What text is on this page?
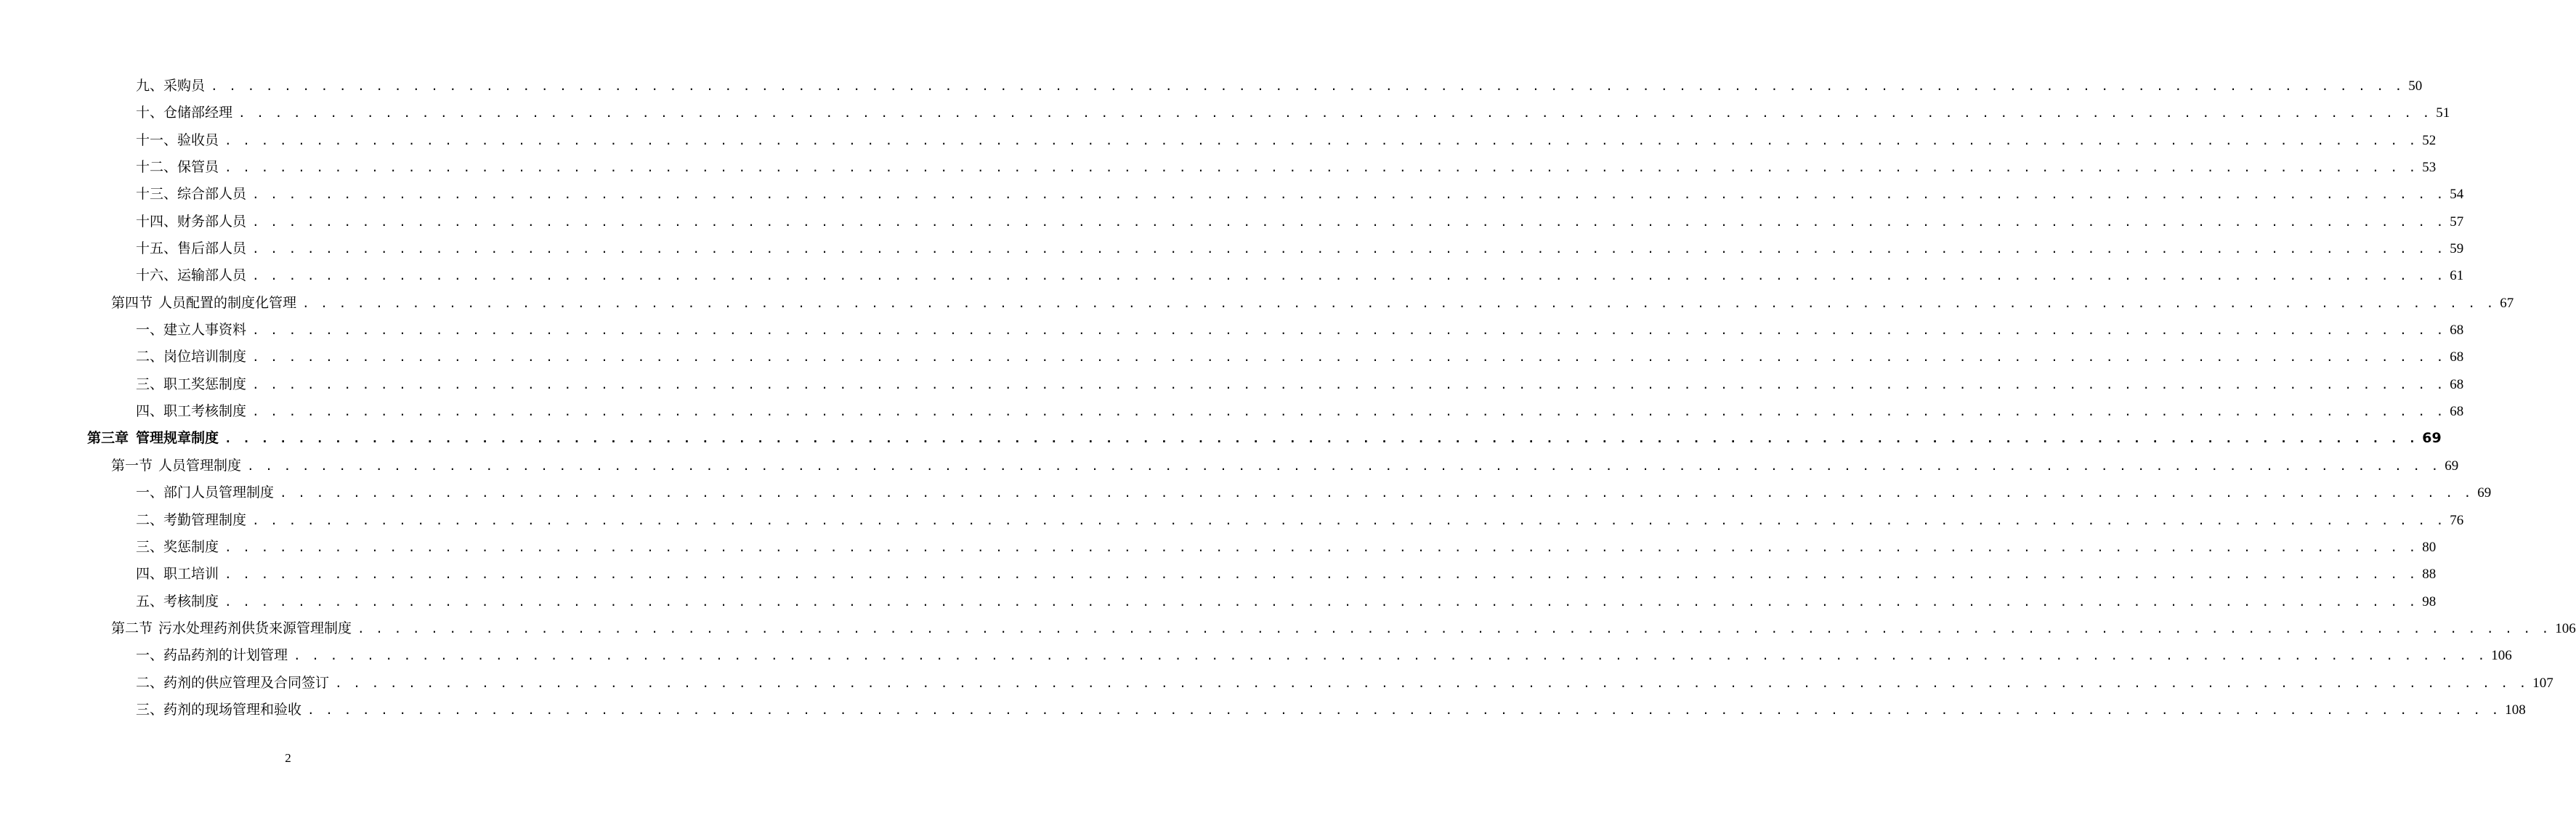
九、 采购员 . . . . . . . . . . . . . . . . . . . . . . . . . . . . . . . . . . . . . . . . . . . . . . . . . . . . . . . . . . . . . . . . . . . . . . . . . . . . . . . . . . . . . . . . . . . . . . . . . . . . . . . . . . . . . . . . . . . . . . . . 50
十、 仓储部经理 . . . . . . . . . . . . . . . . . . . . . . . . . . . . . . . . . . . . . . . . . . . . . . . . . . . . . . . . . . . . . . . . . . . . . . . . . . . . . . . . . . . . . . . . . . . . . . . . . . . . . . . . . . . . . . . . . . . . . . . . 51
十一、 验收员 . . . . . . . . . . . . . . . . . . . . . . . . . . . . . . . . . . . . . . . . . . . . . . . . . . . . . . . . . . . . . . . . . . . . . . . . . . . . . . . . . . . . . . . . . . . . . . . . . . . . . . . . . . . . . . . . . . . . . . . . 52
十二、 保管员 . . . . . . . . . . . . . . . . . . . . . . . . . . . . . . . . . . . . . . . . . . . . . . . . . . . . . . . . . . . . . . . . . . . . . . . . . . . . . . . . . . . . . . . . . . . . . . . . . . . . . . . . . . . . . . . . . . . . . . . . 53
十三、 综合部人员 . . . . . . . . . . . . . . . . . . . . . . . . . . . . . . . . . . . . . . . . . . . . . . . . . . . . . . . . . . . . . . . . . . . . . . . . . . . . . . . . . . . . . . . . . . . . . . . . . . . . . . . . . . . . . . . . . . . . . . . . 54
十四、 财务部人员 . . . . . . . . . . . . . . . . . . . . . . . . . . . . . . . . . . . . . . . . . . . . . . . . . . . . . . . . . . . . . . . . . . . . . . . . . . . . . . . . . . . . . . . . . . . . . . . . . . . . . . . . . . . . . . . . . . . . . . . . 57
十五、 售后部人员 . . . . . . . . . . . . . . . . . . . . . . . . . . . . . . . . . . . . . . . . . . . . . . . . . . . . . . . . . . . . . . . . . . . . . . . . . . . . . . . . . . . . . . . . . . . . . . . . . . . . . . . . . . . . . . . . . . . . . . . . 59
十六、 运输部人员 . . . . . . . . . . . . . . . . . . . . . . . . . . . . . . . . . . . . . . . . . . . . . . . . . . . . . . . . . . . . . . . . . . . . . . . . . . . . . . . . . . . . . . . . . . . . . . . . . . . . . . . . . . . . . . . . . . . . . . . . 61
第四节 人员配置的制度化管理 . . . . . . . . . . . . . . . . . . . . . . . . . . . . . . . . . . . . . . . . . . . . . . . . . . . . . . . . . . . . . . . . . . . . . . . . . . . . . . . . . . . . . . . . . . . . . . . . . . . . . . . . . . . . . . . . . . . . . . . . 67
一、 建立人事资料 . . . . . . . . . . . . . . . . . . . . . . . . . . . . . . . . . . . . . . . . . . . . . . . . . . . . . . . . . . . . . . . . . . . . . . . . . . . . . . . . . . . . . . . . . . . . . . . . . . . . . . . . . . . . . . . . . . . . . . . . 68
二、 岗位培训制度 . . . . . . . . . . . . . . . . . . . . . . . . . . . . . . . . . . . . . . . . . . . . . . . . . . . . . . . . . . . . . . . . . . . . . . . . . . . . . . . . . . . . . . . . . . . . . . . . . . . . . . . . . . . . . . . . . . . . . . . . 68
三、 职工奖惩制度 . . . . . . . . . . . . . . . . . . . . . . . . . . . . . . . . . . . . . . . . . . . . . . . . . . . . . . . . . . . . . . . . . . . . . . . . . . . . . . . . . . . . . . . . . . . . . . . . . . . . . . . . . . . . . . . . . . . . . . . . 68
四、 职工考核制度 . . . . . . . . . . . . . . . . . . . . . . . . . . . . . . . . . . . . . . . . . . . . . . . . . . . . . . . . . . . . . . . . . . . . . . . . . . . . . . . . . . . . . . . . . . . . . . . . . . . . . . . . . . . . . . . . . . . . . . . . 68
第三章 管理规章制度 . . . . . . . . . . . . . . . . . . . . . . . . . . . . . . . . . . . . . . . . . . . . . . . . . . . . . . . . . . . . . . . . . . . . . . . . . . . . . . . . . . . . . . . . . . . . . . . . . . . . . . . . . . . . . . . . . . . . . . . . 69
第一节 人员管理制度 . . . . . . . . . . . . . . . . . . . . . . . . . . . . . . . . . . . . . . . . . . . . . . . . . . . . . . . . . . . . . . . . . . . . . . . . . . . . . . . . . . . . . . . . . . . . . . . . . . . . . . . . . . . . . . . . . . . . . . . . 69
一、 部门人员管理制度 . . . . . . . . . . . . . . . . . . . . . . . . . . . . . . . . . . . . . . . . . . . . . . . . . . . . . . . . . . . . . . . . . . . . . . . . . . . . . . . . . . . . . . . . . . . . . . . . . . . . . . . . . . . . . . . . . . . . . . . . 69
二、 考勤管理制度 . . . . . . . . . . . . . . . . . . . . . . . . . . . . . . . . . . . . . . . . . . . . . . . . . . . . . . . . . . . . . . . . . . . . . . . . . . . . . . . . . . . . . . . . . . . . . . . . . . . . . . . . . . . . . . . . . . . . . . . . 76
三、 奖惩制度 . . . . . . . . . . . . . . . . . . . . . . . . . . . . . . . . . . . . . . . . . . . . . . . . . . . . . . . . . . . . . . . . . . . . . . . . . . . . . . . . . . . . . . . . . . . . . . . . . . . . . . . . . . . . . . . . . . . . . . . . 80
四、 职工培训 . . . . . . . . . . . . . . . . . . . . . . . . . . . . . . . . . . . . . . . . . . . . . . . . . . . . . . . . . . . . . . . . . . . . . . . . . . . . . . . . . . . . . . . . . . . . . . . . . . . . . . . . . . . . . . . . . . . . . . . . 88
五、 考核制度 . . . . . . . . . . . . . . . . . . . . . . . . . . . . . . . . . . . . . . . . . . . . . . . . . . . . . . . . . . . . . . . . . . . . . . . . . . . . . . . . . . . . . . . . . . . . . . . . . . . . . . . . . . . . . . . . . . . . . . . . 98
第二节 污水处理药剂供货来源管理制度 . . . . . . . . . . . . . . . . . . . . . . . . . . . . . . . . . . . . . . . . . . . . . . . . . . . . . . . . . . . . . . . . . . . . . . . . . . . . . . . . . . . . . . . . . . . . . . . . . . . . . . . . . . . . . . . . . . . . . . . . 106
一、 药品药剂的计划管理 . . . . . . . . . . . . . . . . . . . . . . . . . . . . . . . . . . . . . . . . . . . . . . . . . . . . . . . . . . . . . . . . . . . . . . . . . . . . . . . . . . . . . . . . . . . . . . . . . . . . . . . . . . . . . . . . . . . . . . . . 106
二、 药剂的供应管理及合同签订 . . . . . . . . . . . . . . . . . . . . . . . . . . . . . . . . . . . . . . . . . . . . . . . . . . . . . . . . . . . . . . . . . . . . . . . . . . . . . . . . . . . . . . . . . . . . . . . . . . . . . . . . . . . . . . . . . . . . . . . . 107
三、 药剂的现场管理和验收 . . . . . . . . . . . . . . . . . . . . . . . . . . . . . . . . . . . . . . . . . . . . . . . . . . . . . . . . . . . . . . . . . . . . . . . . . . . . . . . . . . . . . . . . . . . . . . . . . . . . . . . . . . . . . . . . . . . . . . . . 108
2
